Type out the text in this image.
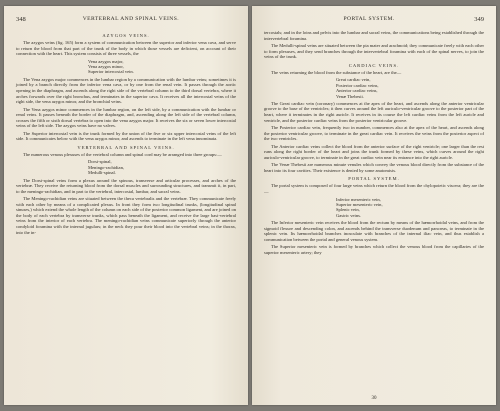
348	VERTEBRAL AND SPINAL VEINS.
AZYGOS VEINS.

The azygos veins (fig. 165) form a system of communication between the superior and inferior vena cava, and serve to return the blood from that part of the trunk of the body in which those vessels are deficient, on account of their connection with the heart. This system consists of three vessels, the

Vena azygos major,
Vena azygos minor,
Superior intercostal vein.

The Vena azygos major commences in the lumbar region by a communication with the lumbar veins; sometimes it is joined by a branch directly from the inferior vena cava, or by one from the renal vein. It passes through the aortic opening in the diaphragm, and ascends along the right side of the vertebral column to the third dorsal vertebra, where it arches forwards over the right bronchus, and terminates in the superior cava. It receives all the intercostal veins of the right side, the vena azygos minor, and the bronchial veins.

The Vena azygos minor commences in the lumbar region, on the left side, by a communication with the lumbar or renal veins. It passes beneath the border of the diaphragm, and, ascending along the left side of the vertebral column, crosses the fifth or sixth dorsal vertebra to open into the vena azygos major. It receives the six or seven lower intercostal veins of the left side. The azygos veins have no valves.

The Superior intercostal vein is the trunk formed by the union of the five or six upper intercostal veins of the left side. It communicates below with the vena azygos minor, and ascends to terminate in the left vena innominata.

VERTEBRAL AND SPINAL VEINS.

The numerous venous plexuses of the vertebral column and spinal cord may be arranged into three groups:—

Dorsi-spinal,
Meningo-rachidian,
Medulli-spinal.

The Dorsi-spinal veins form a plexus around the spinous, transverse and articular processes, and arches of the vertebræ. They receive the returning blood from the dorsal muscles and surrounding structures, and transmit it, in part, to the meningo-rachidian, and in part to the vertebral, intercostal, lumbar, and sacral veins.

The Meningo-rachidian veins are situated between the theca vertebralis and the vertebræ. They communicate freely with each other by means of a complicated plexus. In front they form two longitudinal trunks, (longitudinal spinal sinuses,) which extend the whole length of the column on each side of the posterior common ligament, and are joined on the body of each vertebra by transverse trunks, which pass beneath the ligament, and receive the large basi-vertebral veins from the interior of each vertebra. The meningo-rachidian veins communicate superiorly through the anterior condyloid foramina with the internal jugulars; in the neck they pour their blood into the vertebral veins; in the thorax, into the in-

PORTAL SYSTEM.	349

tercostals; and in the loins and pelvis into the lumbar and sacral veins, the communications being established through the intervertebral foramina.

The Medulli-spinal veins are situated between the pia mater and arachnoid; they communicate freely with each other to form plexuses, and they send branches through the intervertebral foramina with each of the spinal nerves, to join the veins of the trunk.

CARDIAC VEINS.

The veins returning the blood from the substance of the heart, are the—

Great cardiac vein,
Posterior cardiac veins,
Anterior cardiac veins,
Venæ Thebesii.

The Great cardiac vein (coronary) commences at the apex of the heart, and ascends along the anterior ventricular groove to the base of the ventricles; it then curves around the left auriculo-ventricular groove to the posterior part of the heart, where it terminates in the right auricle. It receives in its course the left cardiac veins from the left auricle and ventricle, and the posterior cardiac veins from the posterior ventricular groove.

The Posterior cardiac vein, frequently two in number, commences also at the apex of the heart, and ascends along the posterior ventricular groove, to terminate in the great cardiac vein. It receives the veins from the posterior aspect of the two ventricles.

The Anterior cardiac veins collect the blood from the anterior surface of the right ventricle; one larger than the rest runs along the right border of the heart and joins the trunk formed by these veins, which curves around the right auriculo-ventricular groove, to terminate in the great cardiac vein near its entrance into the right auricle.

The Venæ Thebesii are numerous minute venules which convey the venous blood directly from the substance of the heart into its four cavities. Their existence is denied by some anatomists.

PORTAL SYSTEM.

The portal system is composed of four large veins which return the blood from the chylopoietic viscera; they are the—

Inferior mesenteric vein,
Superior mesenteric vein,
Splenic vein,
Gastric veins.

The Inferior mesenteric vein receives the blood from the rectum by means of the hæmorrhoidal veins, and from the sigmoid flexure and descending colon, and ascends behind the transverse duodenum and pancreas, to terminate in the splenic vein. Its hæmorrhoidal branches inosculate with branches of the internal iliac vein, and thus establish a communication between the portal and general venous system.

The Superior mesenteric vein is formed by branches which collect the venous blood from the capillaries of the superior mesenteric artery; they

30
